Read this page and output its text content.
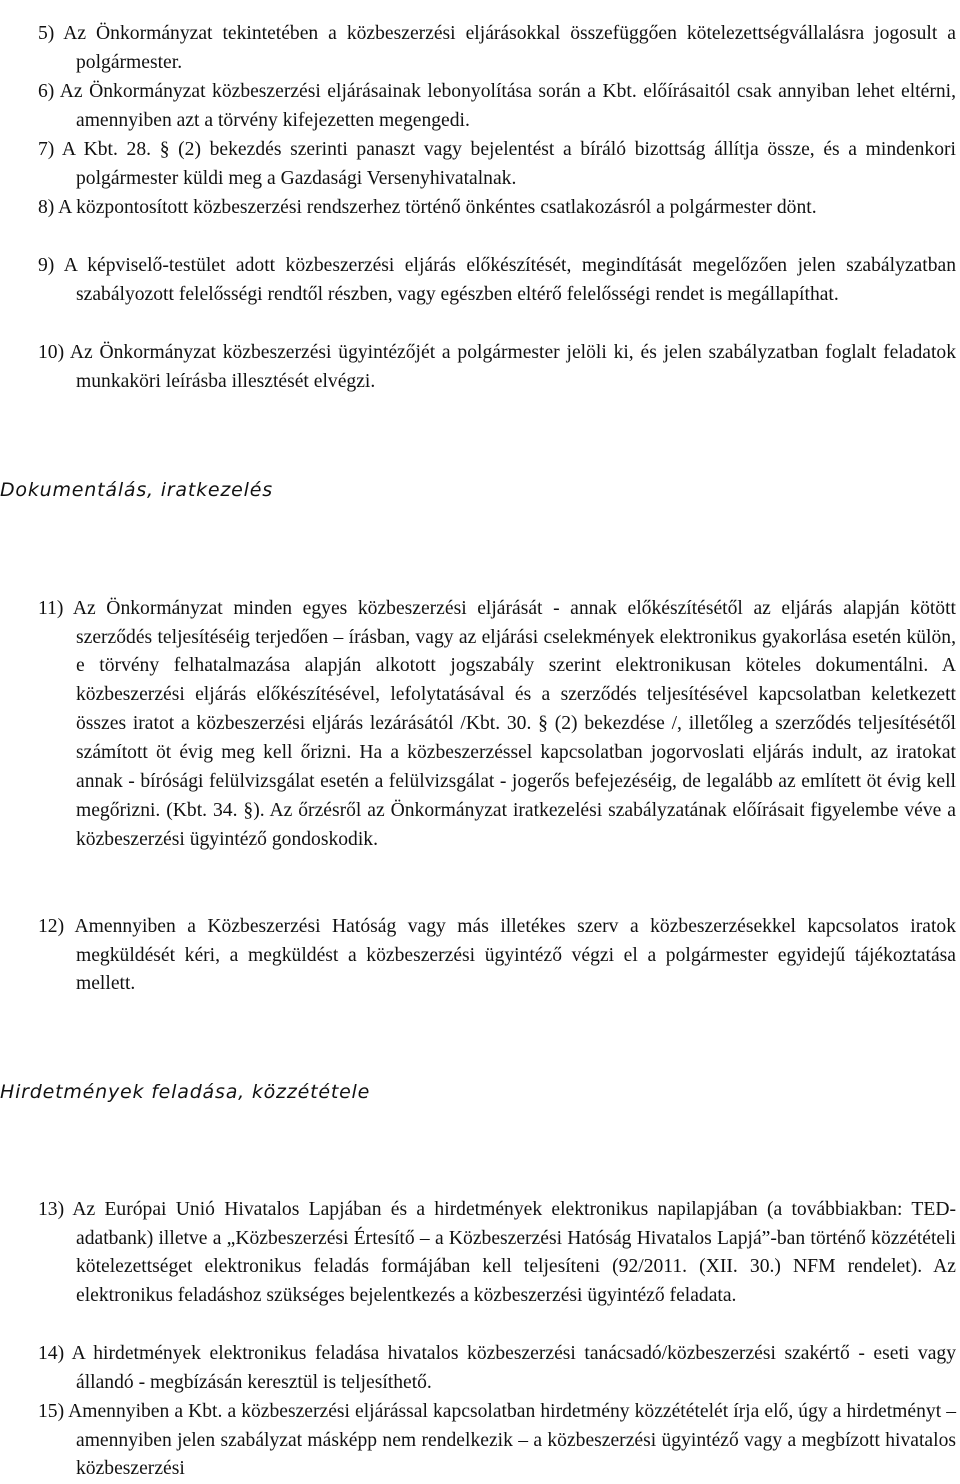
5) Az Önkormányzat tekintetében a közbeszerzési eljárásokkal összefüggően kötelezettségvállalásra jogosult a polgármester.

6) Az Önkormányzat közbeszerzési eljárásainak lebonyolítása során a Kbt. előírásaitól csak annyiban lehet eltérni, amennyiben azt a törvény kifejezetten megengedi.

7) A Kbt. 28. § (2) bekezdés szerinti panaszt vagy bejelentést a bíráló bizottság állítja össze, és a mindenkori polgármester küldi meg a Gazdasági Versenyhivatalnak.

8) A központosított közbeszerzési rendszerhez történő önkéntes csatlakozásról a polgármester dönt.

9) A képviselő-testület adott közbeszerzési eljárás előkészítését, megindítását megelőzően jelen szabályzatban szabályozott felelősségi rendtől részben, vagy egészben eltérő felelősségi rendet is megállapíthat.

10) Az Önkormányzat közbeszerzési ügyintézőjét a polgármester jelöli ki, és jelen szabályzatban foglalt feladatok munkaköri leírásba illesztését elvégzi.

Dokumentálás, iratkezelés

11) Az Önkormányzat minden egyes közbeszerzési eljárását - annak előkészítésétől az eljárás alapján kötött szerződés teljesítéséig terjedően – írásban, vagy az eljárási cselekmények elektronikus gyakorlása esetén külön, e törvény felhatalmazása alapján alkotott jogszabály szerint elektronikusan köteles dokumentálni. A közbeszerzési eljárás előkészítésével, lefolytatásával és a szerződés teljesítésével kapcsolatban keletkezett összes iratot a közbeszerzési eljárás lezárásától /Kbt. 30. § (2) bekezdése /, illetőleg a szerződés teljesítésétől számított öt évig meg kell őrizni. Ha a közbeszerzéssel kapcsolatban jogorvoslati eljárás indult, az iratokat annak - bírósági felülvizsgálat esetén a felülvizsgálat - jogerős befejezéséig, de legalább az említett öt évig kell megőrizni. (Kbt. 34. §). Az őrzésről az Önkormányzat iratkezelési szabályzatának előírásait figyelembe véve a közbeszerzési ügyintéző gondoskodik.

12) Amennyiben a Közbeszerzési Hatóság vagy más illetékes szerv a közbeszerzésekkel kapcsolatos iratok megküldését kéri, a megküldést a közbeszerzési ügyintéző végzi el a polgármester egyidejű tájékoztatása mellett.

Hirdetmények feladása, közzététele

13) Az Európai Unió Hivatalos Lapjában és a hirdetmények elektronikus napilapjában (a továbbiakban: TED-adatbank) illetve a „Közbeszerzési Értesítő – a Közbeszerzési Hatóság Hivatalos Lapjá”-ban történő közzétételi kötelezettséget elektronikus feladás formájában kell teljesíteni (92/2011. (XII. 30.) NFM rendelet). Az elektronikus feladáshoz szükséges bejelentkezés a közbeszerzési ügyintéző feladata.

14) A hirdetmények elektronikus feladása hivatalos közbeszerzési tanácsadó/közbeszerzési szakértő - eseti vagy állandó - megbízásán keresztül is teljesíthető.

15) Amennyiben a Kbt. a közbeszerzési eljárással kapcsolatban hirdetmény közzétételét írja elő, úgy a hirdetményt – amennyiben jelen szabályzat másképp nem rendelkezik – a közbeszerzési ügyintéző vagy a megbízott hivatalos közbeszerzési
